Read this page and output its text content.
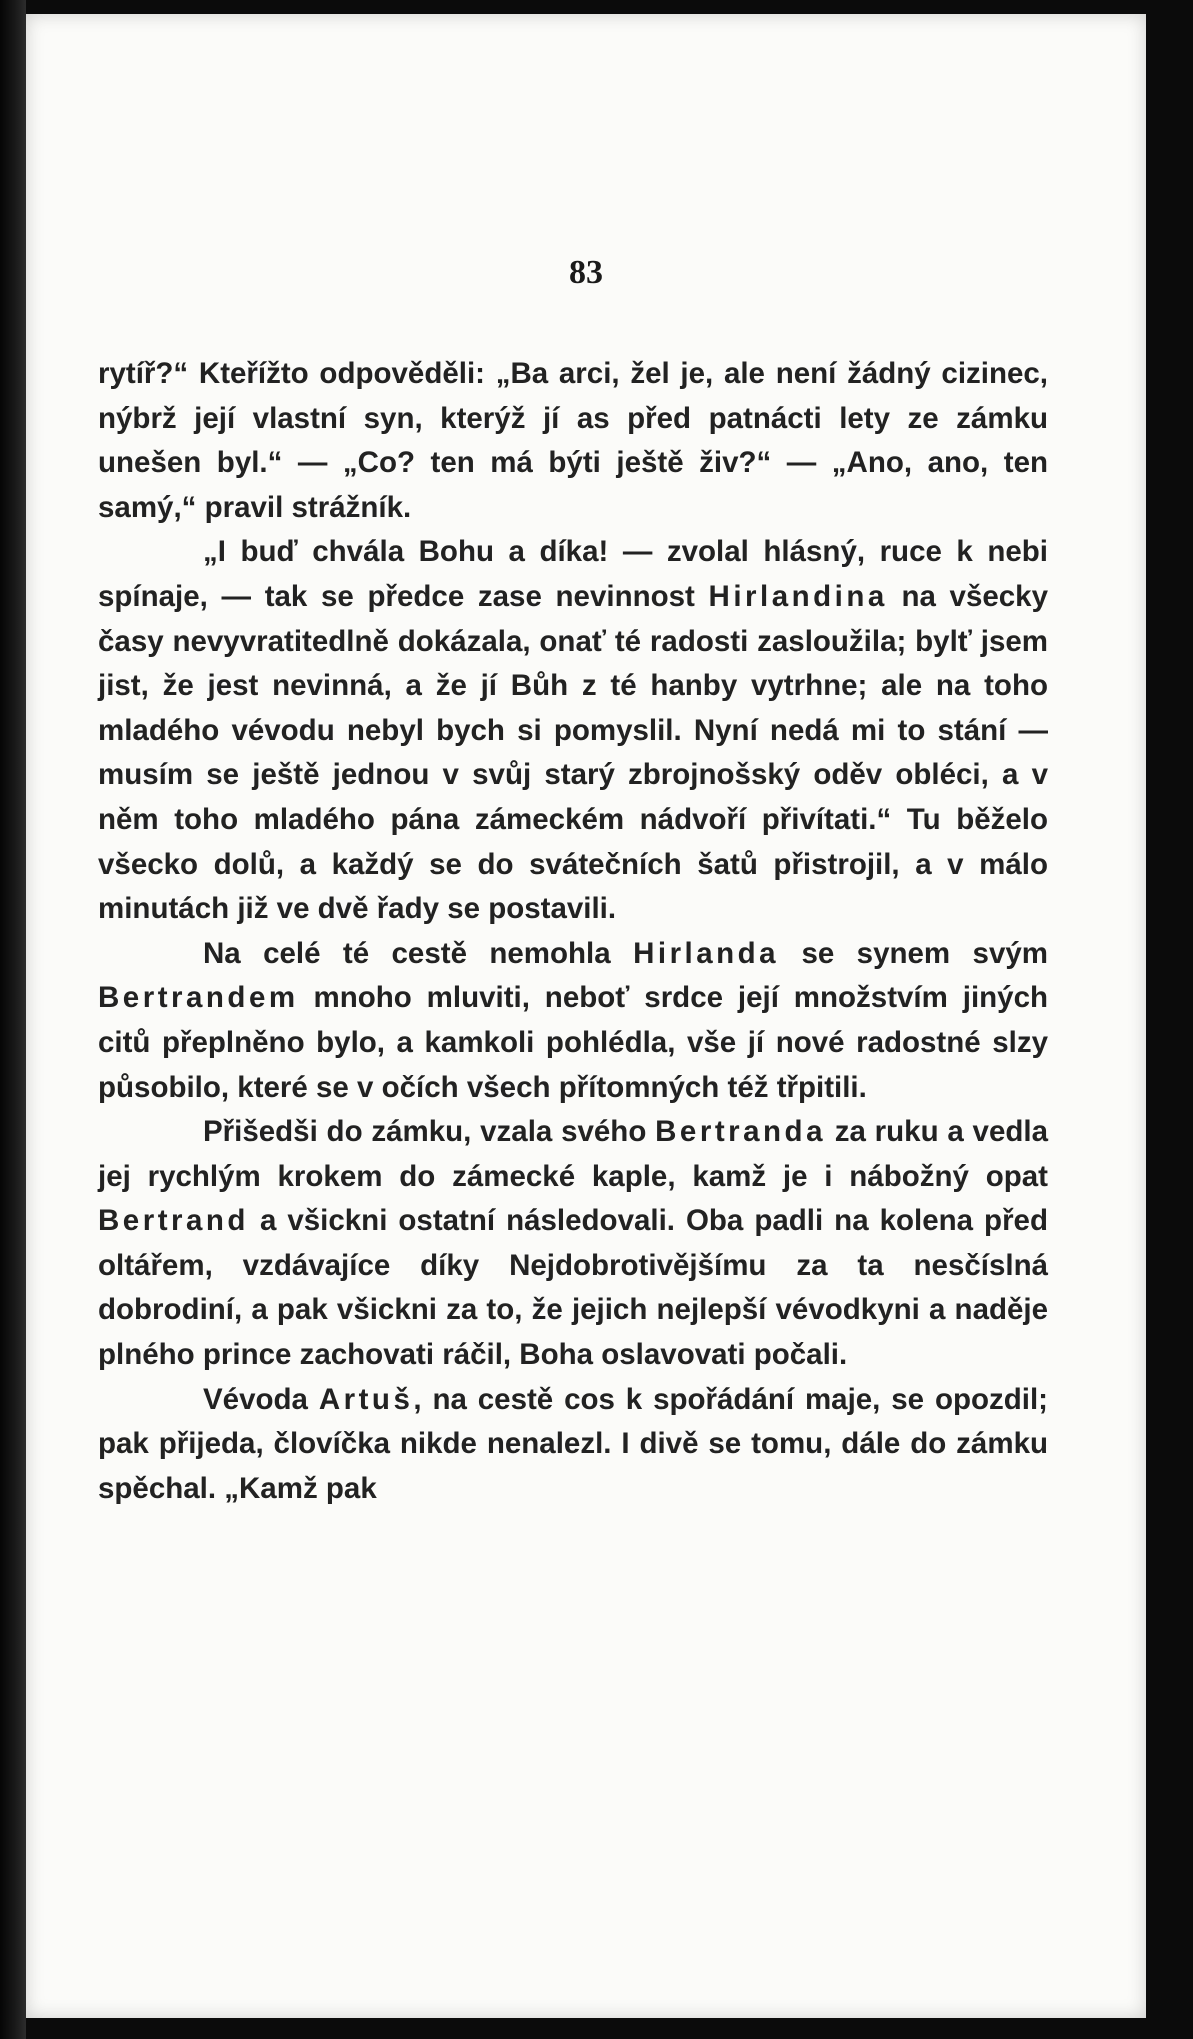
83

rytíř?“ Kteřížto odpověděli: „Ba arci, žel je, ale není žádný cizinec, nýbrž její vlastní syn, kterýž jí as před patnácti lety ze zámku unešen byl.“ — „Co? ten má býti ještě živ?“ — „Ano, ano, ten samý,“ pravil strážník.

„I buď chvála Bohu a díka! — zvolal hlásný, ruce k nebi spínaje, — tak se předce zase nevinnost Hirlandina na všecky časy nevyvratitedlně dokázala, onať té radosti zasloužila; bylť jsem jist, že jest nevinná, a že jí Bůh z té hanby vytrhne; ale na toho mladého vévodu nebyl bych si pomyslil. Nyní nedá mi to stání — musím se ještě jednou v svůj starý zbrojnošský oděv obléci, a v něm toho mladého pána zámeckém nádvoří přivítati.“ Tu běželo všecko dolů, a každý se do svátečních šatů přistrojil, a v málo minutách již ve dvě řady se postavili.

Na celé té cestě nemohla Hirlanda se synem svým Bertrandem mnoho mluviti, neboť srdce její množstvím jiných citů přeplněno bylo, a kamkoli pohlédla, vše jí nové radostné slzy působilo, které se v očích všech přítomných též třpitili.

Přišedši do zámku, vzala svého Bertranda za ruku a vedla jej rychlým krokem do zámecké kaple, kamž je i nábožný opat Bertrand a všickni ostatní následovali. Oba padli na kolena před oltářem, vzdávajíce díky Nejdobrotivějšímu za ta nesčíslná dobrodiní, a pak všickni za to, že jejich nejlepší vévodkyni a naděje plného prince zachovati ráčil, Boha oslavovati počali.

Vévoda Artuš, na cestě cos k spořádání maje, se opozdil; pak přijeda, človíčka nikde nenalezl. I divě se tomu, dále do zámku spěchal. „Kamž pak
